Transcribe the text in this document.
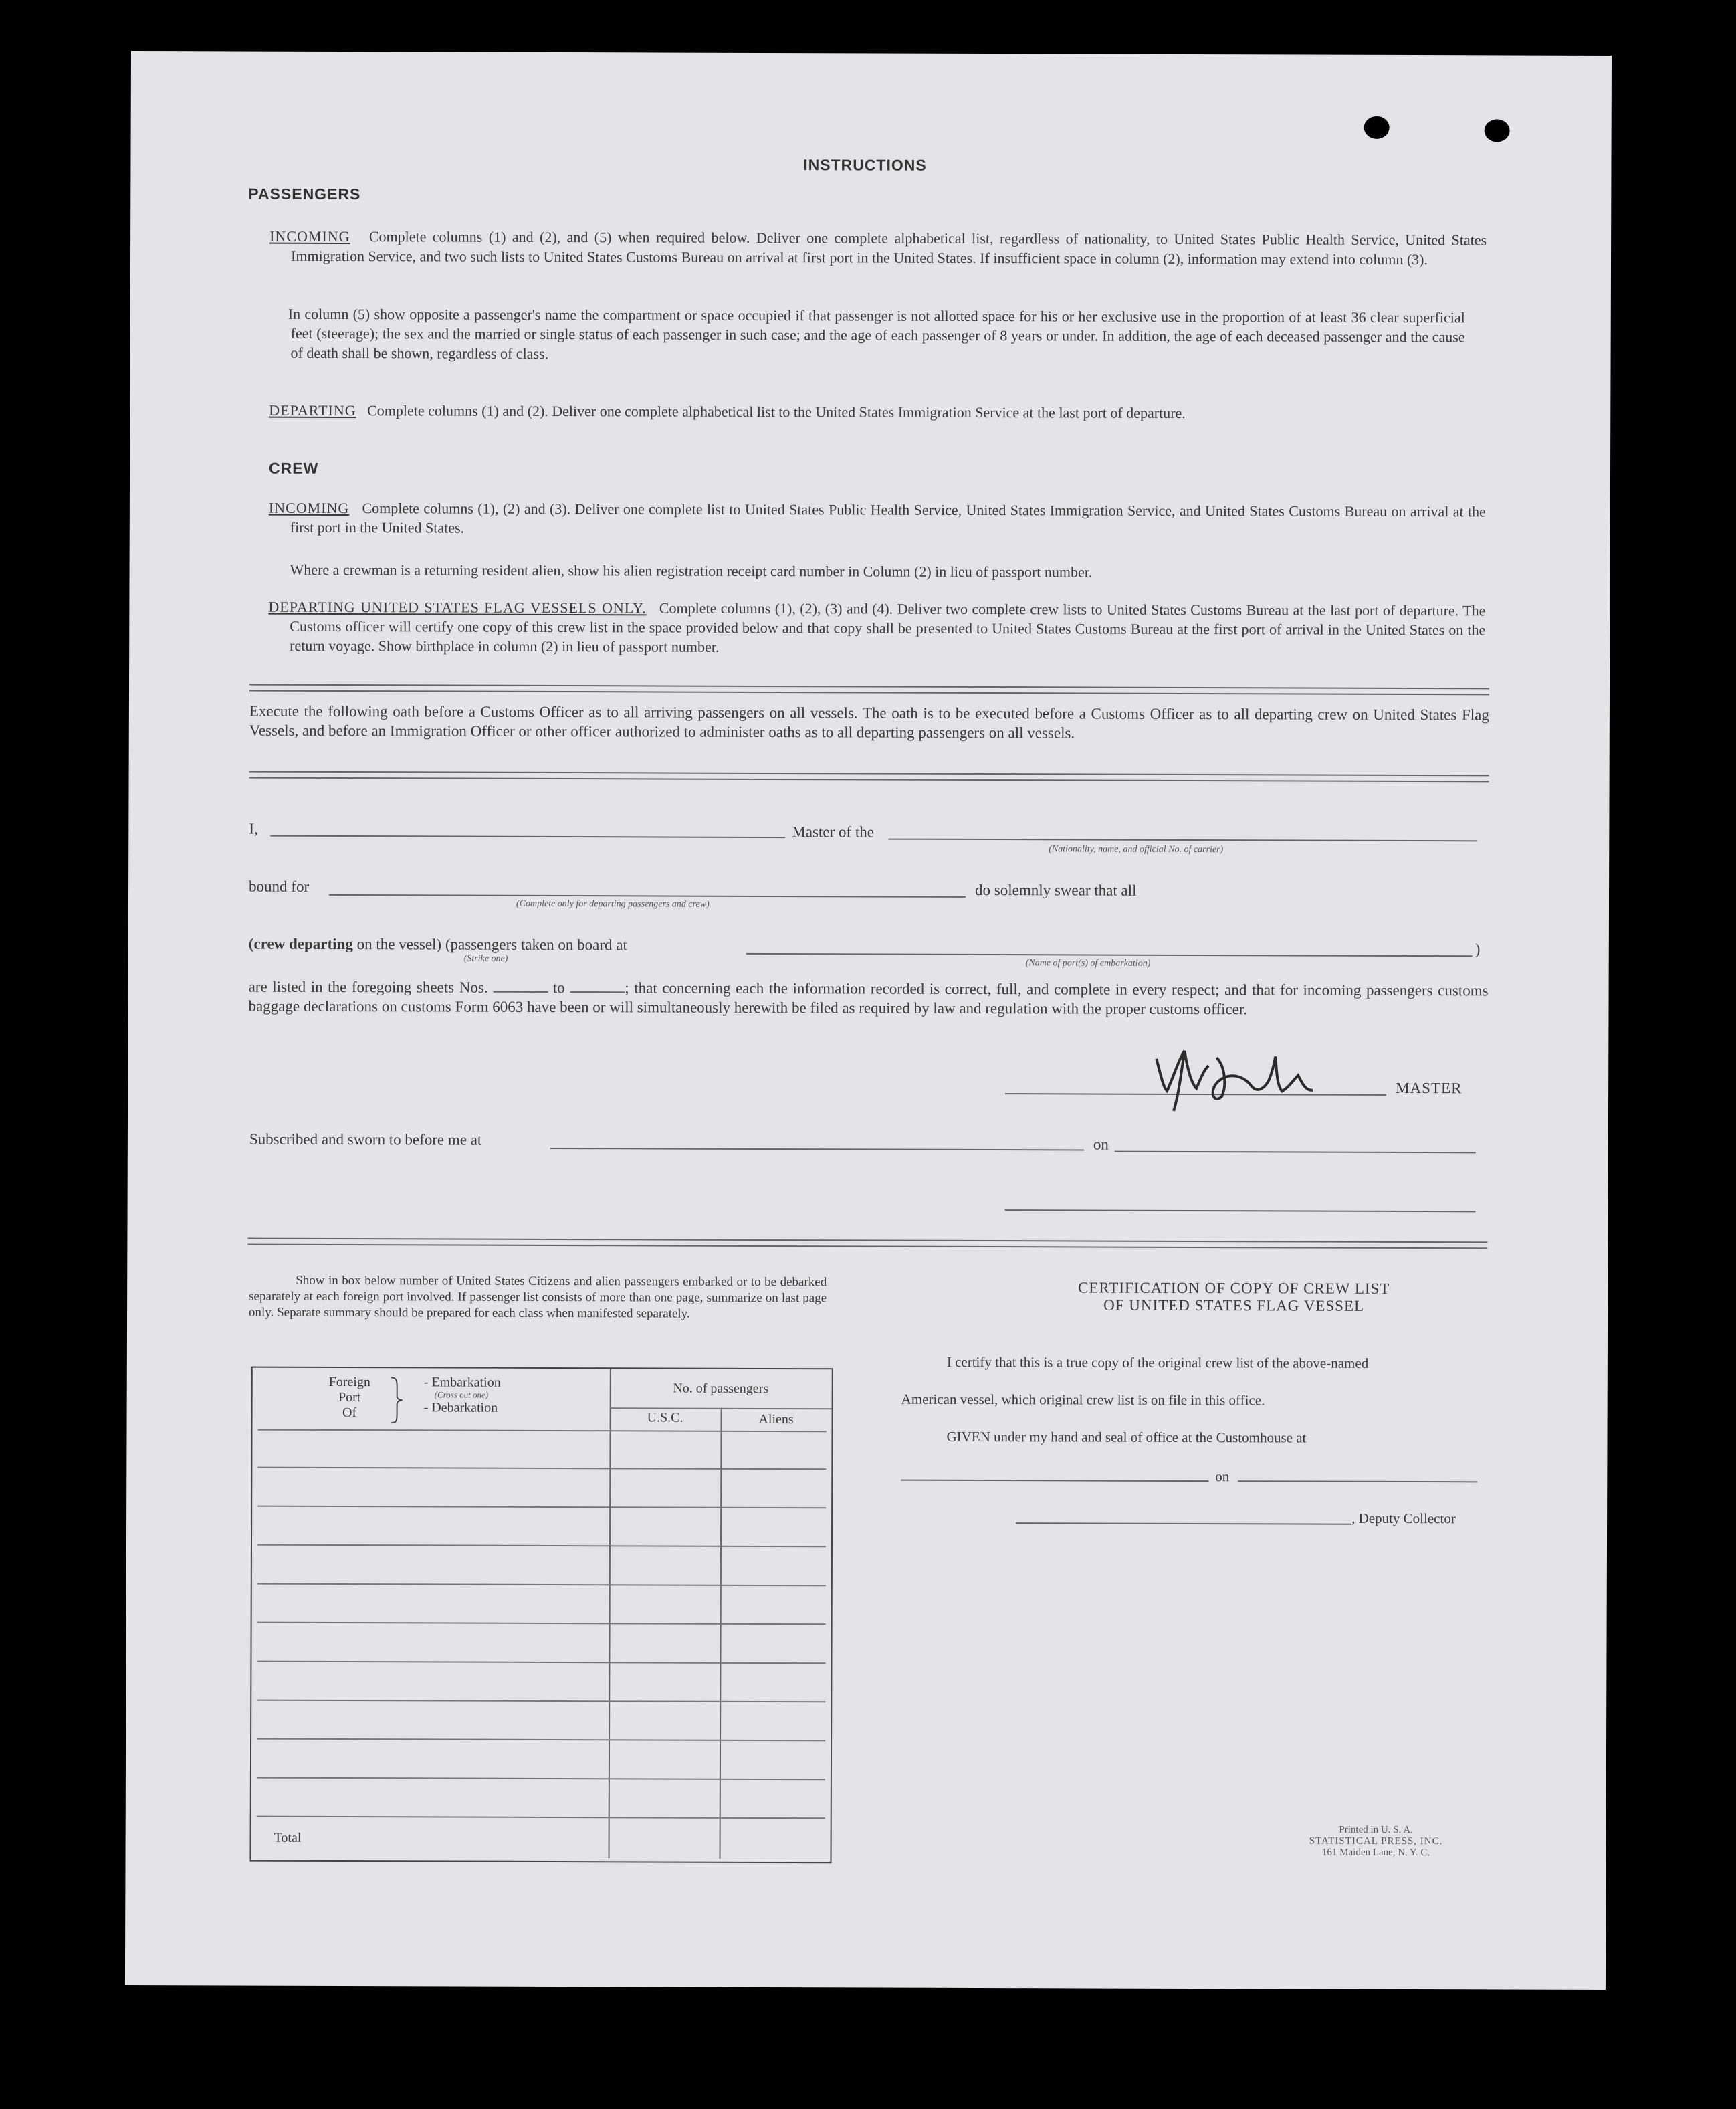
INSTRUCTIONS
PASSENGERS
INCOMING Complete columns (1) and (2), and (5) when required below. Deliver one complete alphabetical list, regardless of nationality, to United States Public Health Service, United States Immigration Service, and two such lists to United States Customs Bureau on arrival at first port in the United States. If insufficient space in column (2), information may extend into column (3).
In column (5) show opposite a passenger's name the compartment or space occupied if that passenger is not allotted space for his or her exclusive use in the proportion of at least 36 clear superficial feet (steerage); the sex and the married or single status of each passenger in such case; and the age of each passenger of 8 years or under. In addition, the age of each deceased passenger and the cause of death shall be shown, regardless of class.
DEPARTING Complete columns (1) and (2). Deliver one complete alphabetical list to the United States Immigration Service at the last port of departure.
CREW
INCOMING Complete columns (1), (2) and (3). Deliver one complete list to United States Public Health Service, United States Immigration Service, and United States Customs Bureau on arrival at the first port in the United States.
Where a crewman is a returning resident alien, show his alien registration receipt card number in Column (2) in lieu of passport number.
DEPARTING UNITED STATES FLAG VESSELS ONLY. Complete columns (1), (2), (3) and (4). Deliver two complete crew lists to United States Customs Bureau at the last port of departure. The Customs officer will certify one copy of this crew list in the space provided below and that copy shall be presented to United States Customs Bureau at the first port of arrival in the United States on the return voyage. Show birthplace in column (2) in lieu of passport number.
Execute the following oath before a Customs Officer as to all arriving passengers on all vessels. The oath is to be executed before a Customs Officer as to all departing crew on United States Flag Vessels, and before an Immigration Officer or other officer authorized to administer oaths as to all departing passengers on all vessels.
I,	Master of the
(Nationality, name, and official No. of carrier)
bound for
(Complete only for departing passengers and crew)
do solemnly swear that all
(crew departing on the vessel) (passengers taken on board at	)
(Strike one)	(Name of port(s) of embarkation)
are listed in the foregoing sheets Nos.	to	; that concerning each the information recorded is correct, full, and complete in every respect; and that for incoming passengers customs baggage declarations on customs Form 6063 have been or will simultaneously herewith be filed as required by law and regulation with the proper customs officer.
MASTER
Subscribed and sworn to before me at	on
Show in box below number of United States Citizens and alien passengers embarked or to be debarked separately at each foreign port involved. If passenger list consists of more than one page, summarize on last page only. Separate summary should be prepared for each class when manifested separately.
Foreign
Port
Of
- Embarkation
(Cross out one)
- Debarkation
No. of passengers
U.S.C.	Aliens
Total
CERTIFICATION OF COPY OF CREW LIST
OF UNITED STATES FLAG VESSEL
I certify that this is a true copy of the original crew list of the above-named
American vessel, which original crew list is on file in this office.
GIVEN under my hand and seal of office at the Customhouse at
on
, Deputy Collector
Printed in U. S. A.
STATISTICAL PRESS, INC.
161 Maiden Lane, N. Y. C.
